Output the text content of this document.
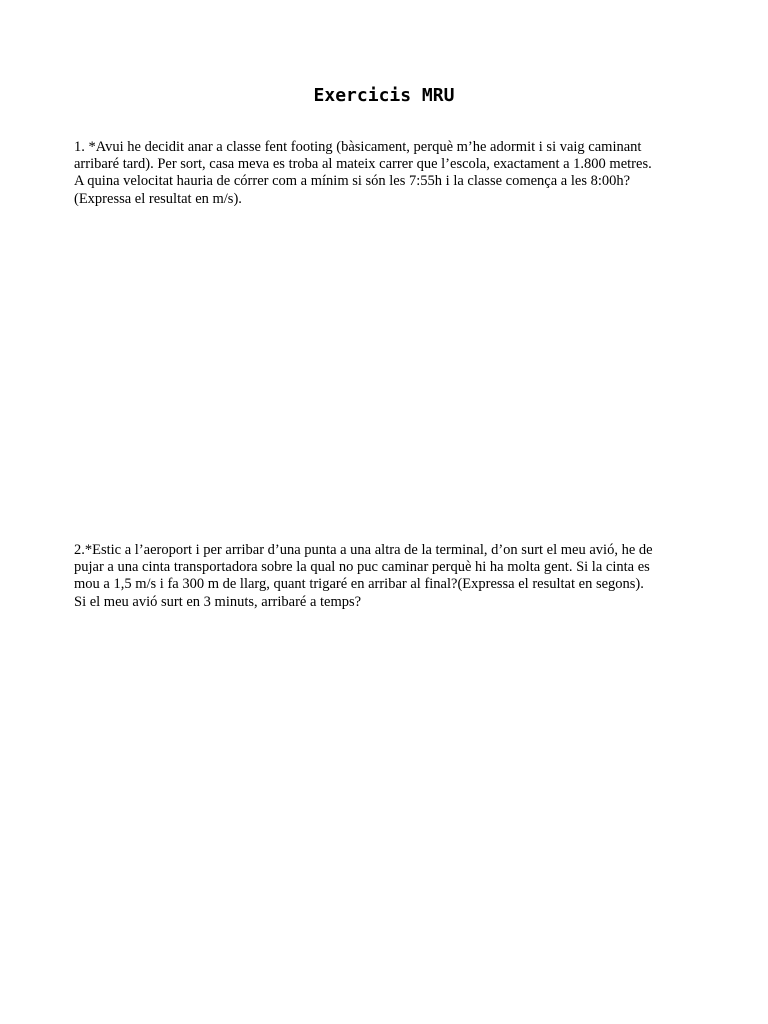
Exercicis MRU

1. *Avui he decidit anar a classe fent footing (bàsicament, perquè m’he adormit i si vaig caminant
arribaré tard). Per sort, casa meva es troba al mateix carrer que l’escola, exactament a 1.800 metres.
A quina velocitat hauria de córrer com a mínim si són les 7:55h i la classe comença a les 8:00h?
(Expressa el resultat en m/s).

2.*Estic a l’aeroport i per arribar d’una punta a una altra de la terminal, d’on surt el meu avió, he de
pujar a una cinta transportadora sobre la qual no puc caminar perquè hi ha molta gent. Si la cinta es
mou a 1,5 m/s i fa 300 m de llarg, quant trigaré en arribar al final?(Expressa el resultat en segons).
Si el meu avió surt en 3 minuts, arribaré a temps?
